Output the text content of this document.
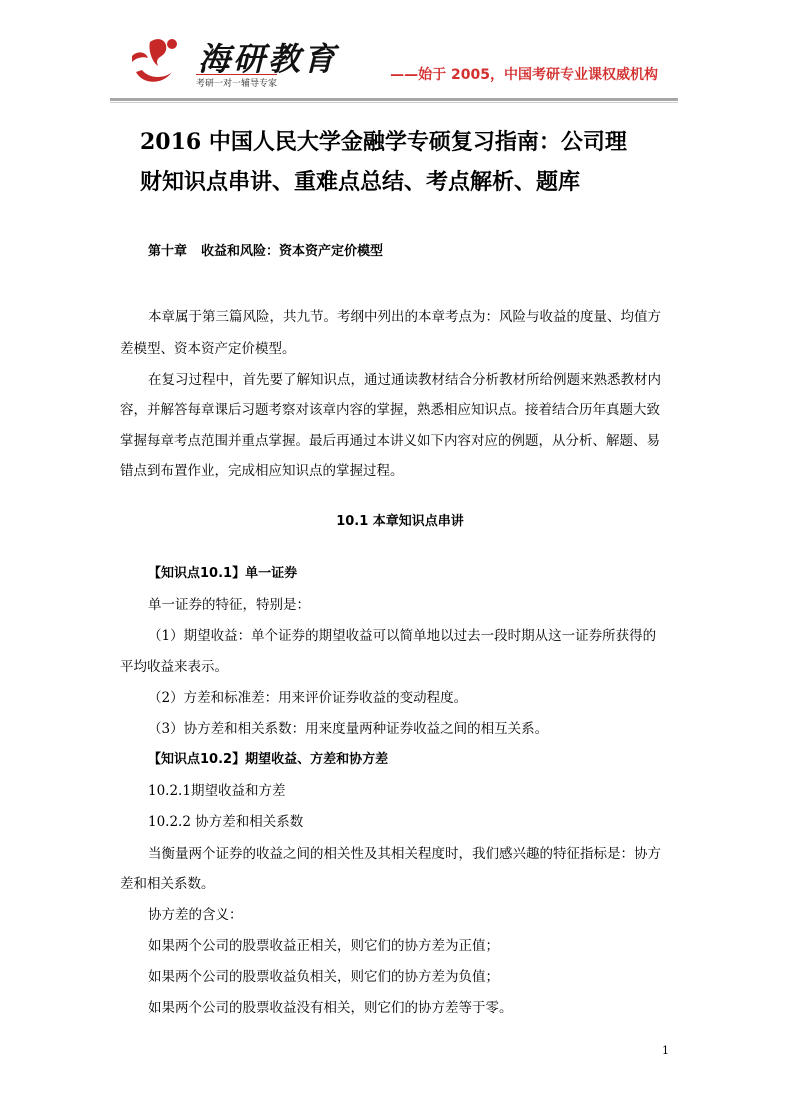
海研教育
考研一对一辅导专家
——始于 2005，中国考研专业课权威机构
2016 中国人民大学金融学专硕复习指南：公司理
财知识点串讲、重难点总结、考点解析、题库
第十章 收益和风险：资本资产定价模型
本章属于第三篇风险，共九节。考纲中列出的本章考点为：风险与收益的度量、均值方
差模型、资本资产定价模型。
在复习过程中，首先要了解知识点，通过通读教材结合分析教材所给例题来熟悉教材内
容，并解答每章课后习题考察对该章内容的掌握，熟悉相应知识点。接着结合历年真题大致
掌握每章考点范围并重点掌握。最后再通过本讲义如下内容对应的例题，从分析、解题、易
错点到布置作业，完成相应知识点的掌握过程。
10.1 本章知识点串讲
【知识点10.1】单一证券
单一证券的特征，特别是：
（1）期望收益：单个证券的期望收益可以简单地以过去一段时期从这一证券所获得的
平均收益来表示。
（2）方差和标准差：用来评价证券收益的变动程度。
（3）协方差和相关系数：用来度量两种证券收益之间的相互关系。
【知识点10.2】期望收益、方差和协方差
10.2.1期望收益和方差
10.2.2 协方差和相关系数
当衡量两个证券的收益之间的相关性及其相关程度时，我们感兴趣的特征指标是：协方
差和相关系数。
协方差的含义：
如果两个公司的股票收益正相关，则它们的协方差为正值；
如果两个公司的股票收益负相关，则它们的协方差为负值；
如果两个公司的股票收益没有相关，则它们的协方差等于零。
1
